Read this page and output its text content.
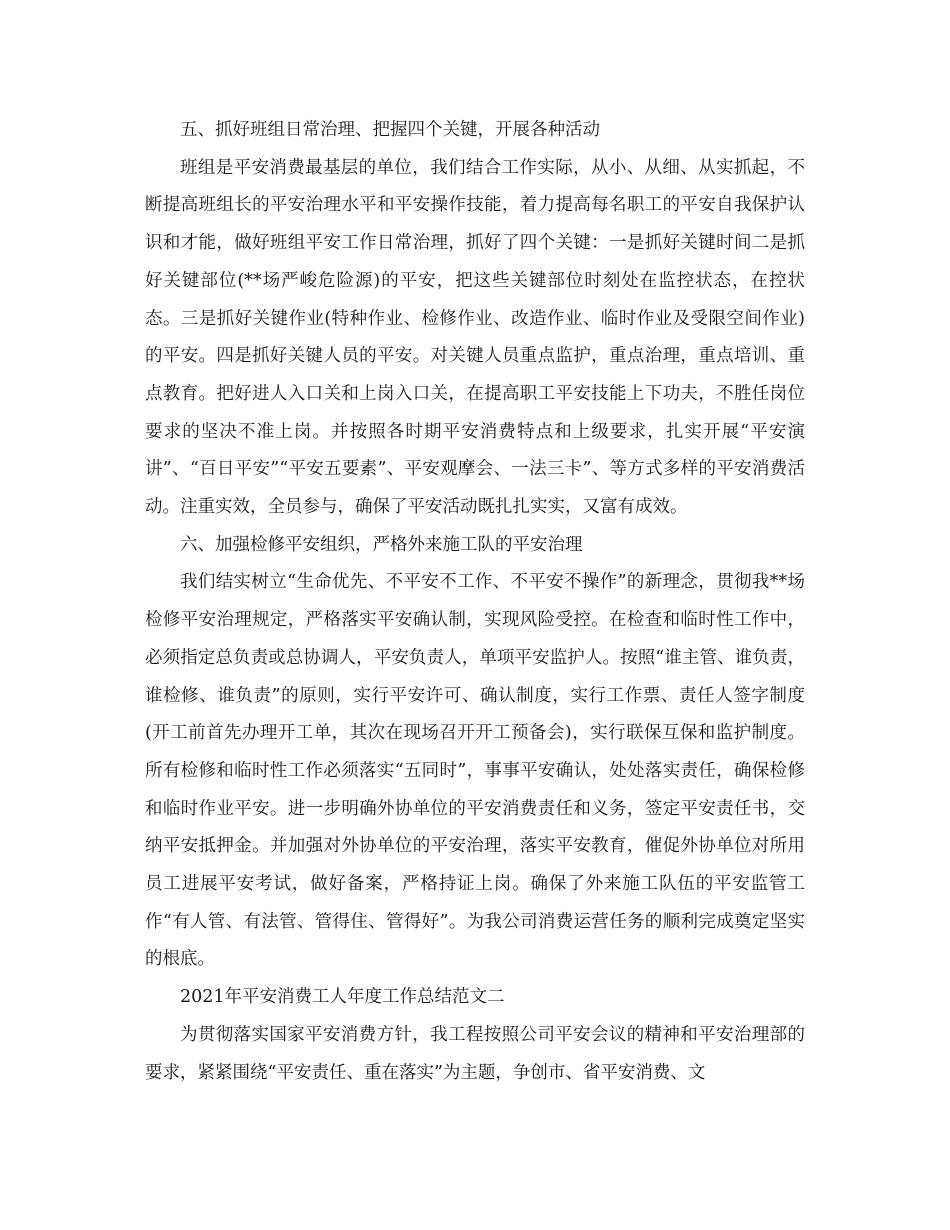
五、抓好班组日常治理、把握四个关键，开展各种活动

班组是平安消费最基层的单位，我们结合工作实际，从小、从细、从实抓起，不断提高班组长的平安治理水平和平安操作技能，着力提高每名职工的平安自我保护认识和才能，做好班组平安工作日常治理，抓好了四个关键：一是抓好关键时间二是抓好关键部位(**场严峻危险源)的平安，把这些关键部位时刻处在监控状态，在控状态。三是抓好关键作业(特种作业、检修作业、改造作业、临时作业及受限空间作业)的平安。四是抓好关键人员的平安。对关键人员重点监护，重点治理，重点培训、重点教育。把好进人入口关和上岗入口关，在提高职工平安技能上下功夫，不胜任岗位要求的坚决不准上岗。并按照各时期平安消费特点和上级要求，扎实开展“平安演讲”、“百日平安”“平安五要素”、平安观摩会、一法三卡”、等方式多样的平安消费活动。注重实效，全员参与，确保了平安活动既扎扎实实，又富有成效。

六、加强检修平安组织，严格外来施工队的平安治理

我们结实树立“生命优先、不平安不工作、不平安不操作”的新理念，贯彻我**场检修平安治理规定，严格落实平安确认制，实现风险受控。在检查和临时性工作中，必须指定总负责或总协调人，平安负责人，单项平安监护人。按照“谁主管、谁负责，谁检修、谁负责”的原则，实行平安许可、确认制度，实行工作票、责任人签字制度(开工前首先办理开工单，其次在现场召开开工预备会)，实行联保互保和监护制度。所有检修和临时性工作必须落实“五同时”，事事平安确认，处处落实责任，确保检修和临时作业平安。进一步明确外协单位的平安消费责任和义务，签定平安责任书，交纳平安抵押金。并加强对外协单位的平安治理，落实平安教育，催促外协单位对所用员工进展平安考试，做好备案，严格持证上岗。确保了外来施工队伍的平安监管工作“有人管、有法管、管得住、管得好”。为我公司消费运营任务的顺利完成奠定坚实的根底。

2021年平安消费工人年度工作总结范文二

为贯彻落实国家平安消费方针，我工程按照公司平安会议的精神和平安治理部的要求，紧紧围绕“平安责任、重在落实”为主题，争创市、省平安消费、文
